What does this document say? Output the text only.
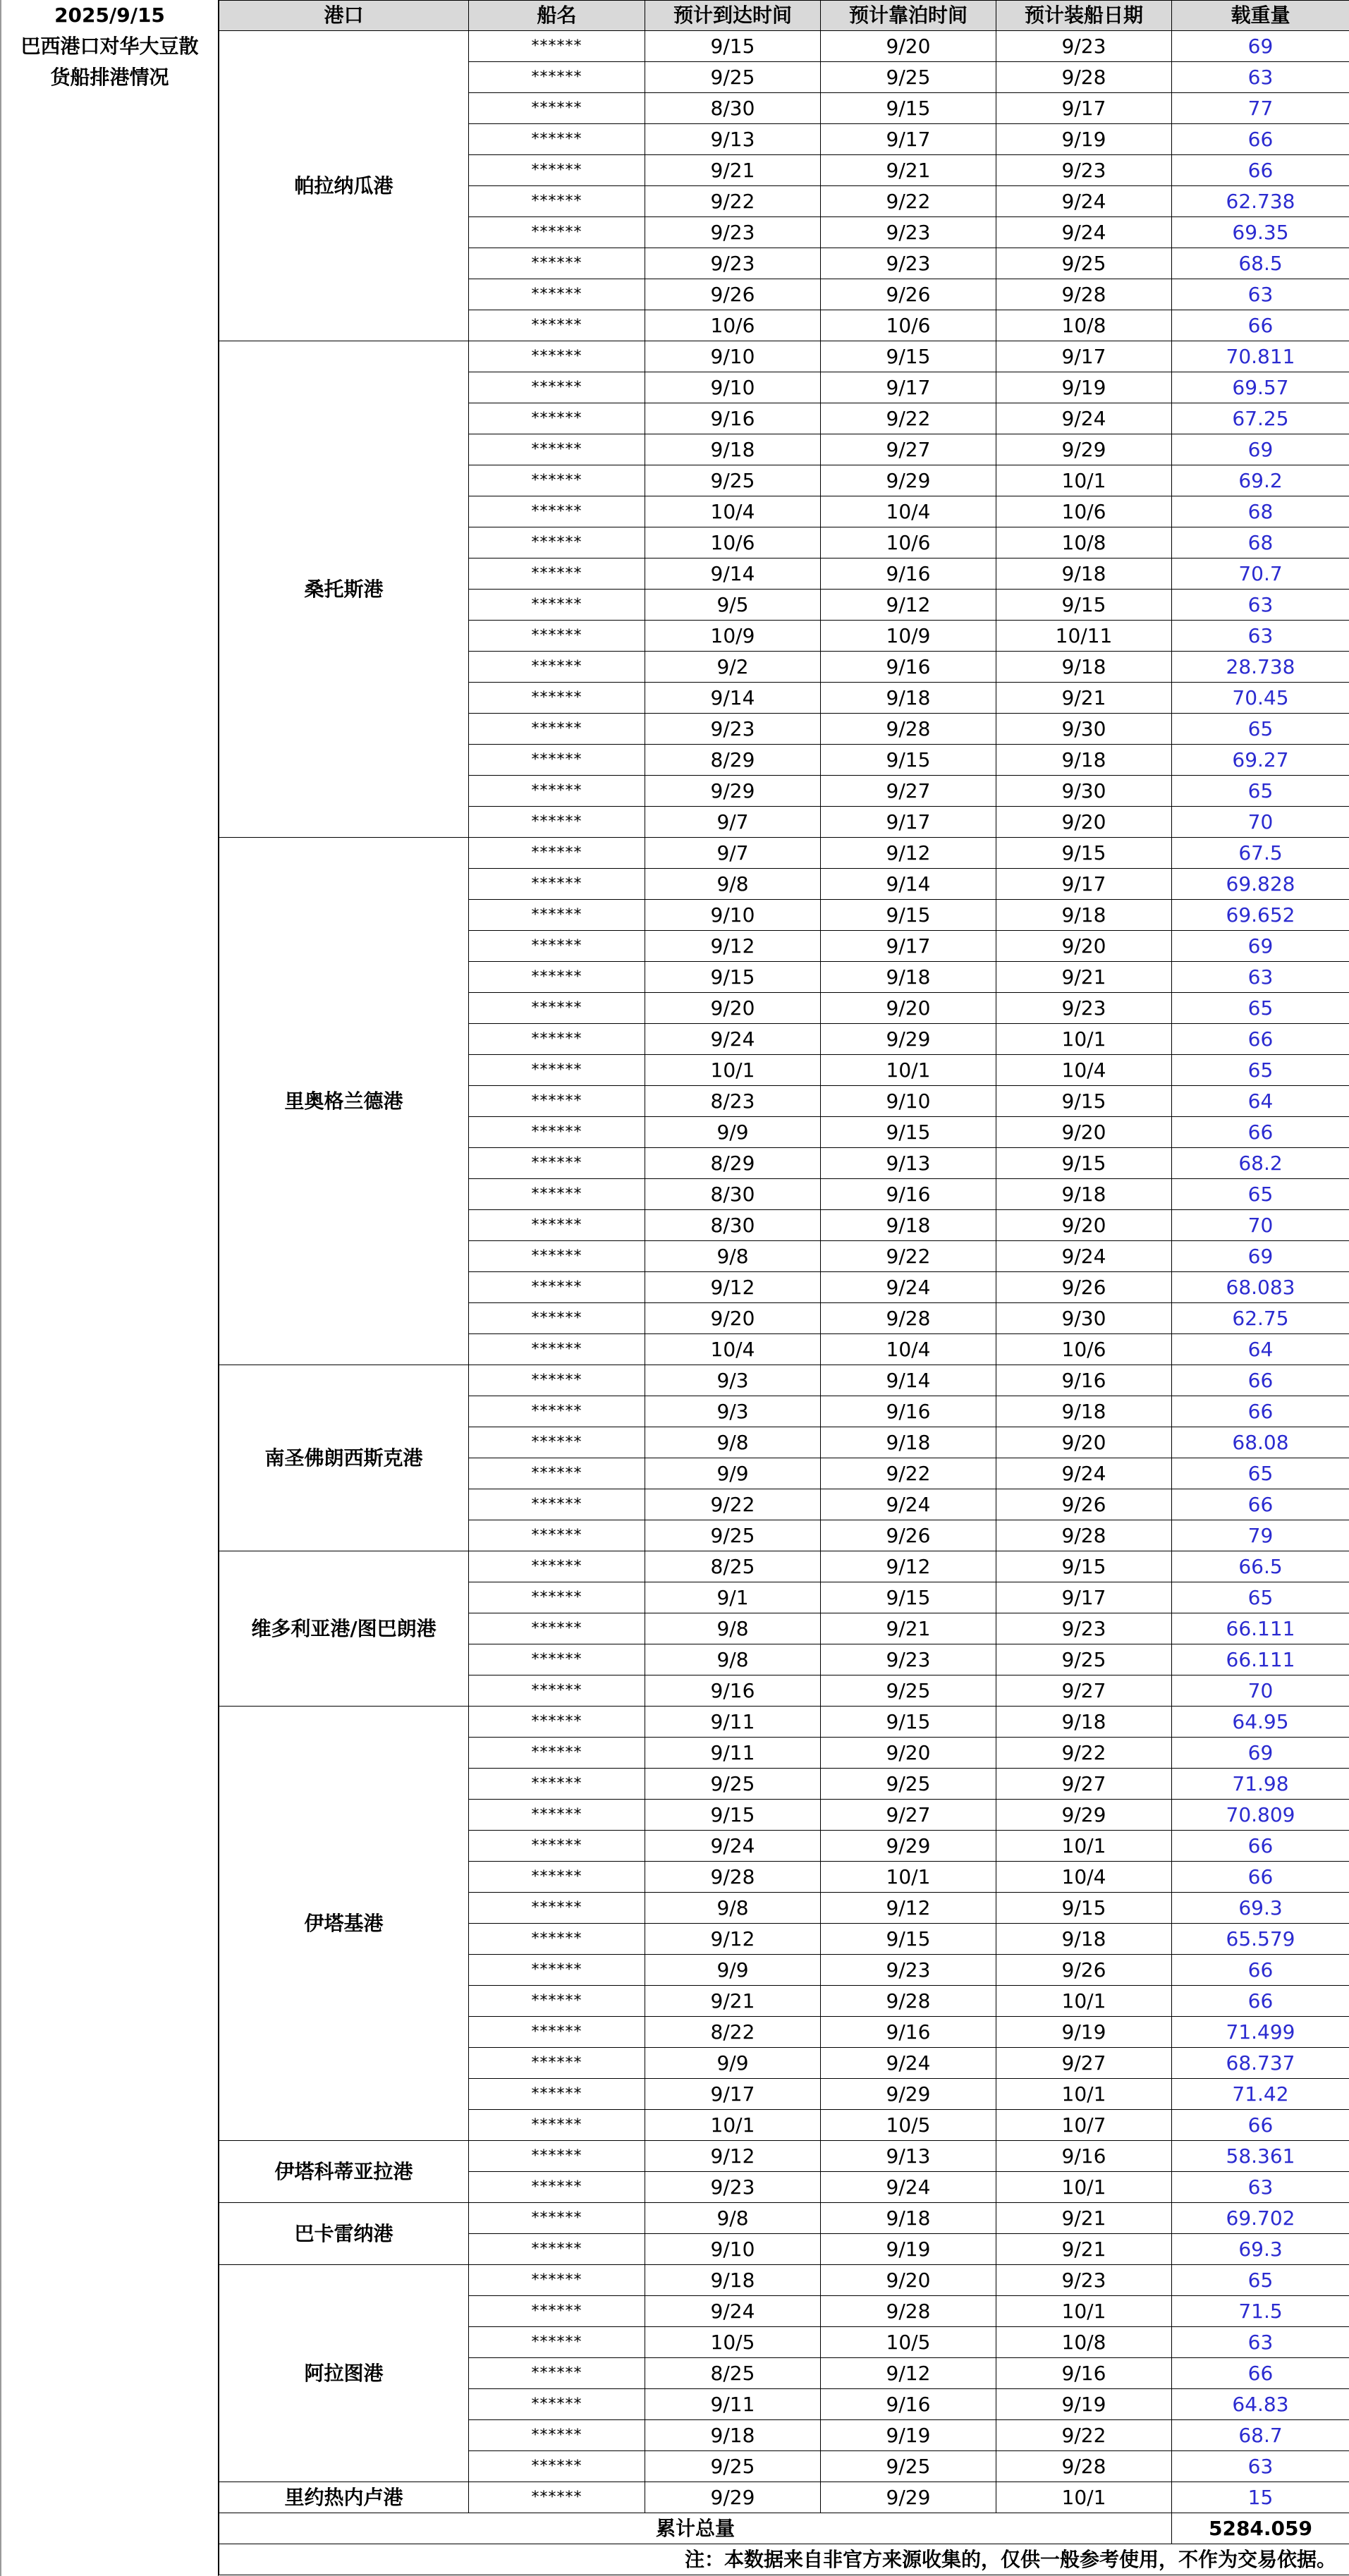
2025/9/15
巴西港口对华大豆散
货船排港情况
港口	船名	预计到达时间	预计靠泊时间	预计装船日期	载重量
帕拉纳瓜港	******	9/15	9/20	9/23	69
	******	9/25	9/25	9/28	63
	******	8/30	9/15	9/17	77
	******	9/13	9/17	9/19	66
	******	9/21	9/21	9/23	66
	******	9/22	9/22	9/24	62.738
	******	9/23	9/23	9/24	69.35
	******	9/23	9/23	9/25	68.5
	******	9/26	9/26	9/28	63
	******	10/6	10/6	10/8	66
桑托斯港	******	9/10	9/15	9/17	70.811
	******	9/10	9/17	9/19	69.57
	******	9/16	9/22	9/24	67.25
	******	9/18	9/27	9/29	69
	******	9/25	9/29	10/1	69.2
	******	10/4	10/4	10/6	68
	******	10/6	10/6	10/8	68
	******	9/14	9/16	9/18	70.7
	******	9/5	9/12	9/15	63
	******	10/9	10/9	10/11	63
	******	9/2	9/16	9/18	28.738
	******	9/14	9/18	9/21	70.45
	******	9/23	9/28	9/30	65
	******	8/29	9/15	9/18	69.27
	******	9/29	9/27	9/30	65
	******	9/7	9/17	9/20	70
里奥格兰德港	******	9/7	9/12	9/15	67.5
	******	9/8	9/14	9/17	69.828
	******	9/10	9/15	9/18	69.652
	******	9/12	9/17	9/20	69
	******	9/15	9/18	9/21	63
	******	9/20	9/20	9/23	65
	******	9/24	9/29	10/1	66
	******	10/1	10/1	10/4	65
	******	8/23	9/10	9/15	64
	******	9/9	9/15	9/20	66
	******	8/29	9/13	9/15	68.2
	******	8/30	9/16	9/18	65
	******	8/30	9/18	9/20	70
	******	9/8	9/22	9/24	69
	******	9/12	9/24	9/26	68.083
	******	9/20	9/28	9/30	62.75
	******	10/4	10/4	10/6	64
南圣佛朗西斯克港	******	9/3	9/14	9/16	66
	******	9/3	9/16	9/18	66
	******	9/8	9/18	9/20	68.08
	******	9/9	9/22	9/24	65
	******	9/22	9/24	9/26	66
	******	9/25	9/26	9/28	79
维多利亚港/图巴朗港	******	8/25	9/12	9/15	66.5
	******	9/1	9/15	9/17	65
	******	9/8	9/21	9/23	66.111
	******	9/8	9/23	9/25	66.111
	******	9/16	9/25	9/27	70
伊塔基港	******	9/11	9/15	9/18	64.95
	******	9/11	9/20	9/22	69
	******	9/25	9/25	9/27	71.98
	******	9/15	9/27	9/29	70.809
	******	9/24	9/29	10/1	66
	******	9/28	10/1	10/4	66
	******	9/8	9/12	9/15	69.3
	******	9/12	9/15	9/18	65.579
	******	9/9	9/23	9/26	66
	******	9/21	9/28	10/1	66
	******	8/22	9/16	9/19	71.499
	******	9/9	9/24	9/27	68.737
	******	9/17	9/29	10/1	71.42
	******	10/1	10/5	10/7	66
伊塔科蒂亚拉港	******	9/12	9/13	9/16	58.361
	******	9/23	9/24	10/1	63
巴卡雷纳港	******	9/8	9/18	9/21	69.702
	******	9/10	9/19	9/21	69.3
阿拉图港	******	9/18	9/20	9/23	65
	******	9/24	9/28	10/1	71.5
	******	10/5	10/5	10/8	63
	******	8/25	9/12	9/16	66
	******	9/11	9/16	9/19	64.83
	******	9/18	9/19	9/22	68.7
	******	9/25	9/25	9/28	63
里约热内卢港	******	9/29	9/29	10/1	15
累计总量					5284.059
注：本数据来自非官方来源收集的，仅供一般参考使用，不作为交易依据。					
